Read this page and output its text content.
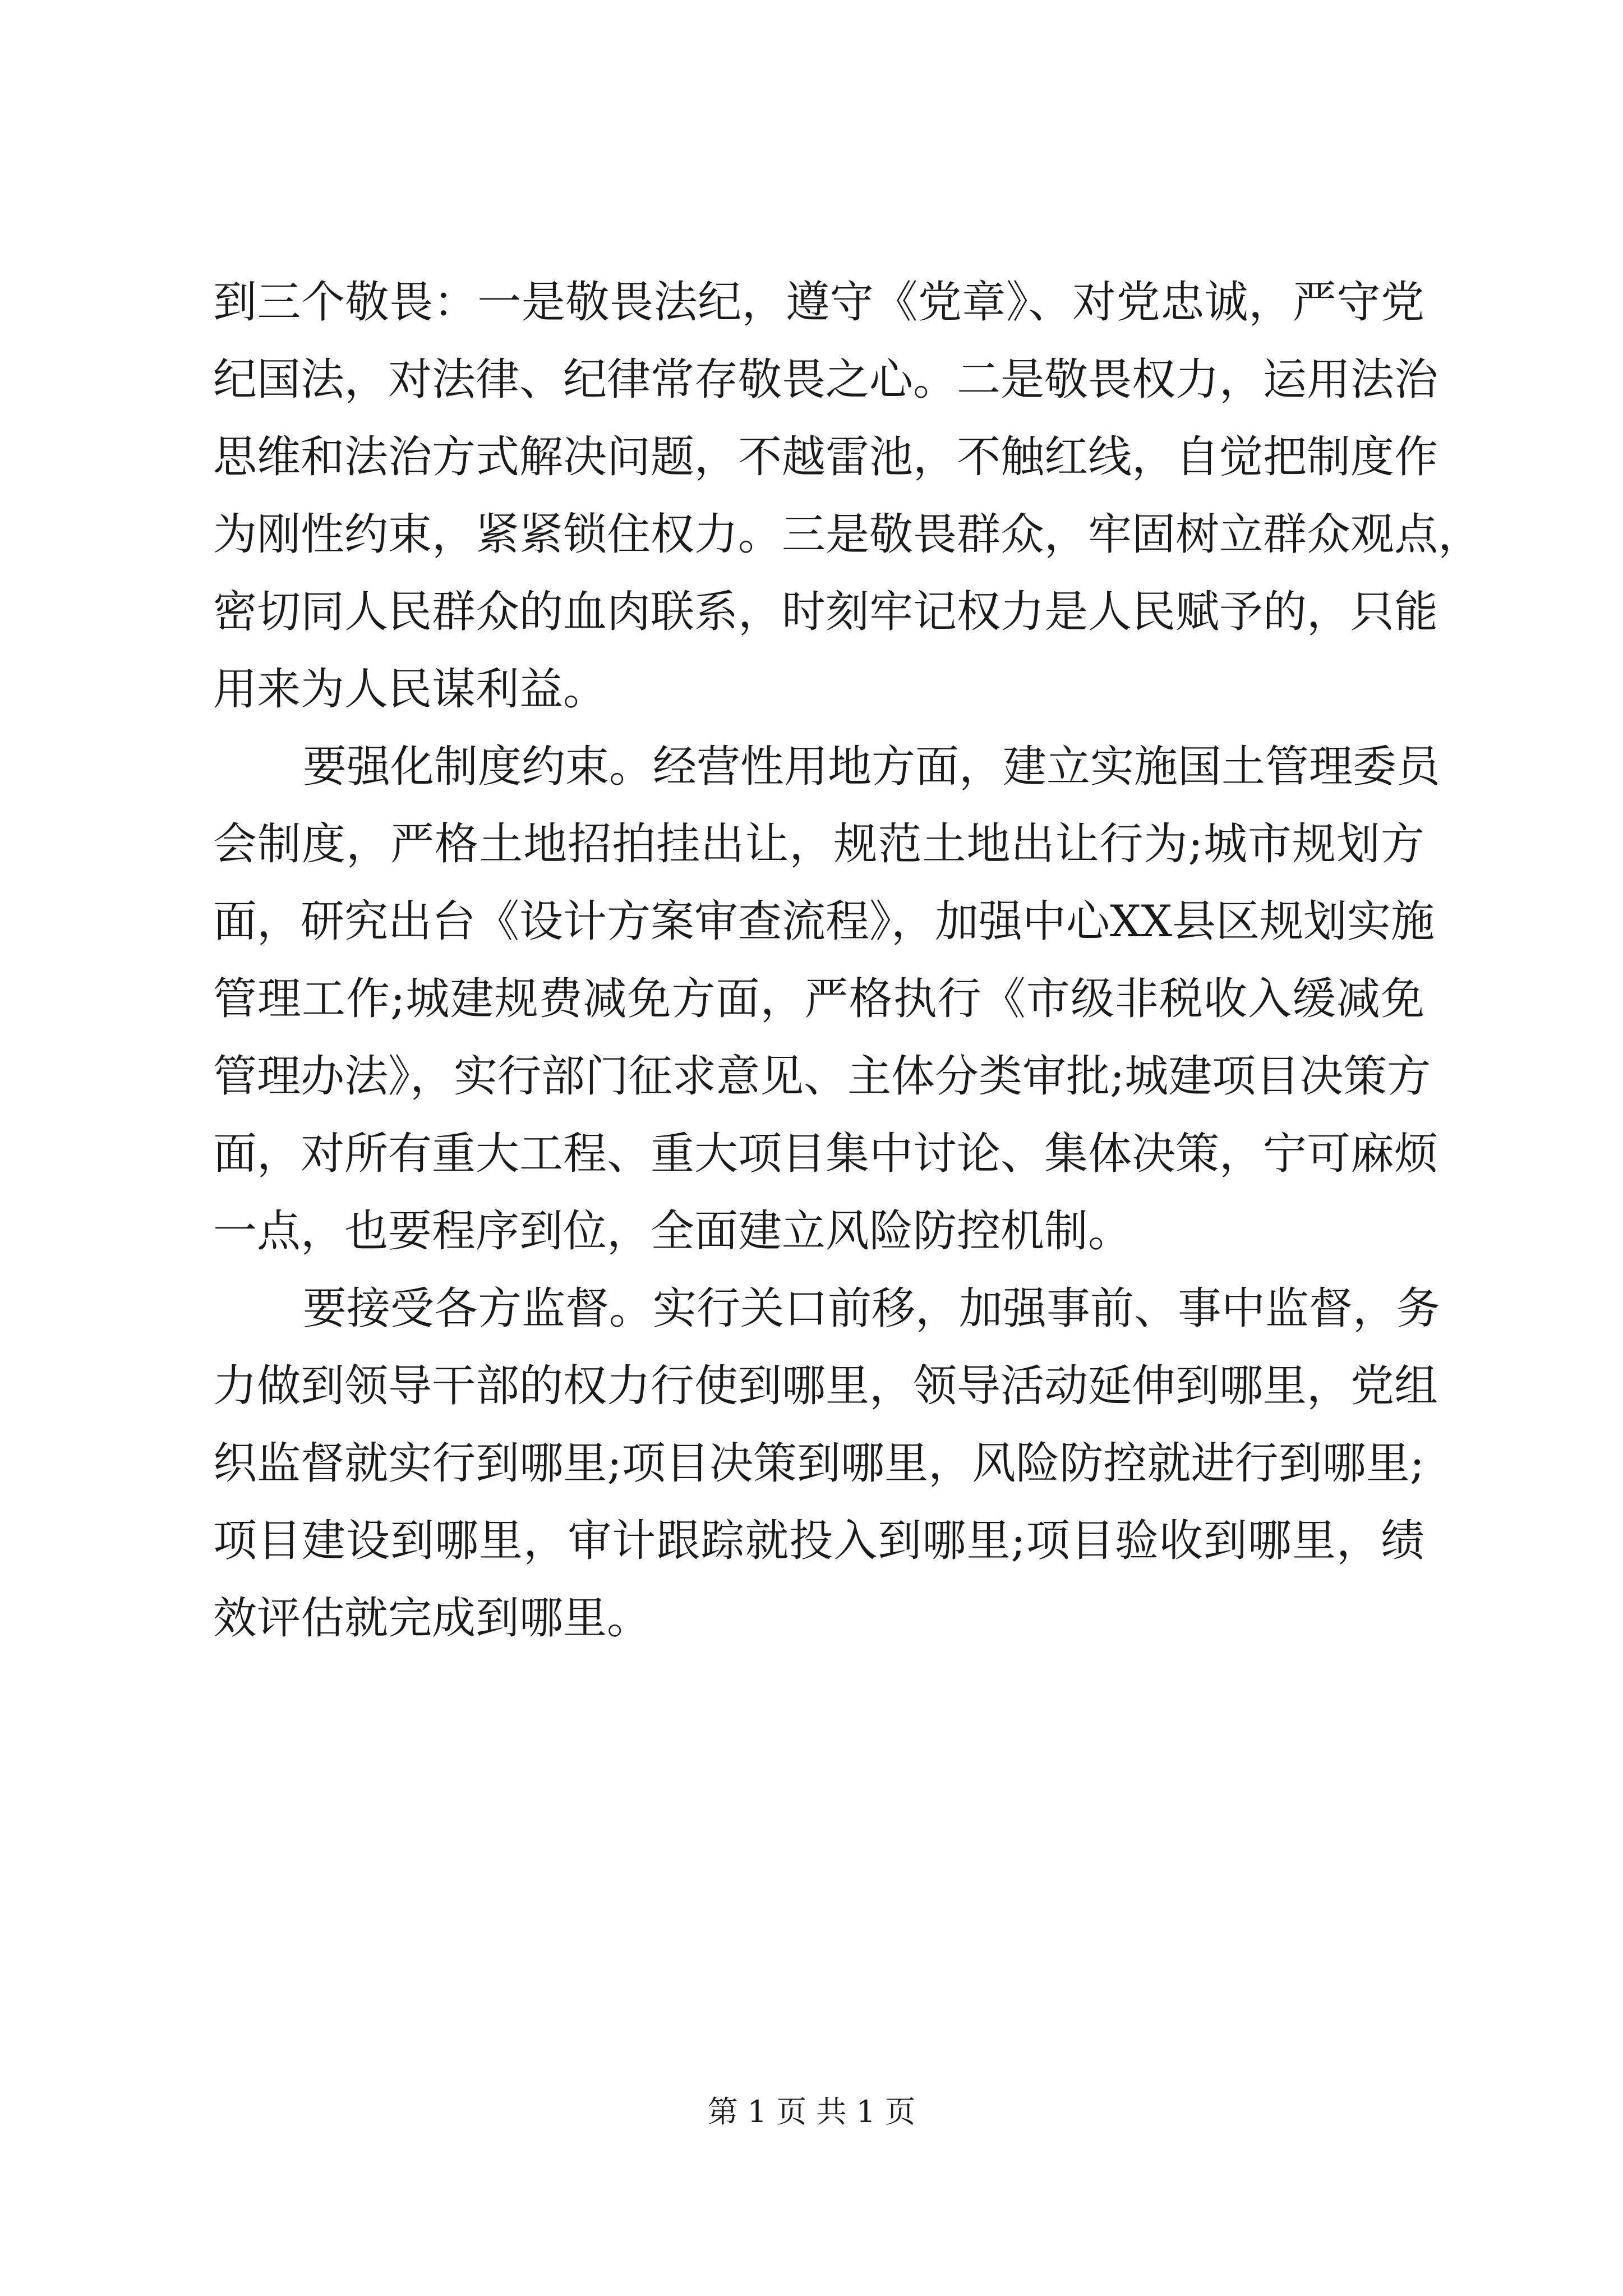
到三个敬畏：一是敬畏法纪，遵守《党章》、对党忠诚，严守党
纪国法，对法律、纪律常存敬畏之心。二是敬畏权力，运用法治
思维和法治方式解决问题，不越雷池，不触红线，自觉把制度作
为刚性约束，紧紧锁住权力。三是敬畏群众，牢固树立群众观点，
密切同人民群众的血肉联系，时刻牢记权力是人民赋予的，只能
用来为人民谋利益。
要强化制度约束。经营性用地方面，建立实施国土管理委员
会制度，严格土地招拍挂出让，规范土地出让行为;城市规划方
面，研究出台《设计方案审查流程》，加强中心XX县区规划实施
管理工作;城建规费减免方面，严格执行《市级非税收入缓减免
管理办法》，实行部门征求意见、主体分类审批;城建项目决策方
面，对所有重大工程、重大项目集中讨论、集体决策，宁可麻烦
一点，也要程序到位，全面建立风险防控机制。
要接受各方监督。实行关口前移，加强事前、事中监督，务
力做到领导干部的权力行使到哪里，领导活动延伸到哪里，党组
织监督就实行到哪里;项目决策到哪里，风险防控就进行到哪里;
项目建设到哪里，审计跟踪就投入到哪里;项目验收到哪里，绩
效评估就完成到哪里。
第 1 页 共 1 页
